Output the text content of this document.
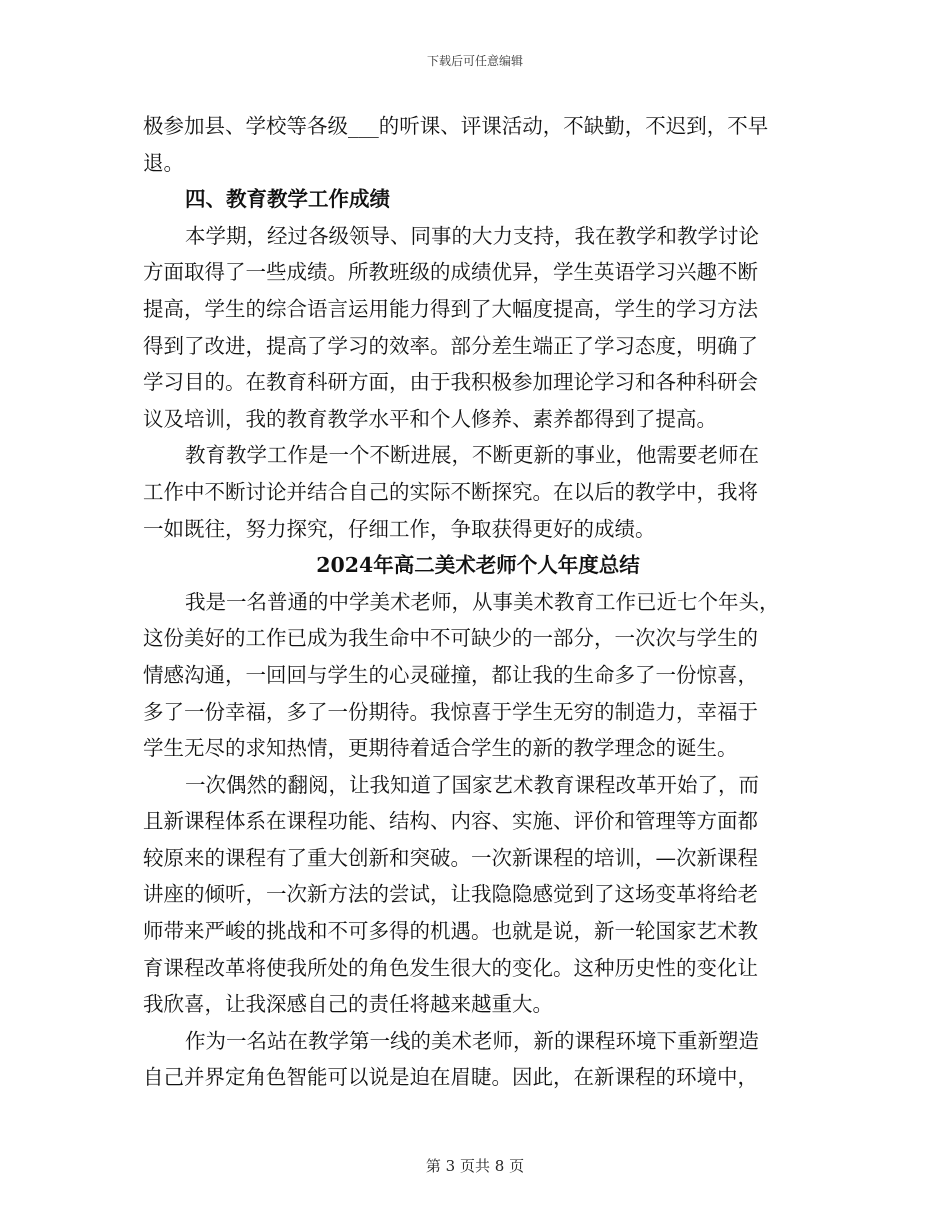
下载后可任意编辑
极参加县、学校等各级___的听课、评课活动，不缺勤，不迟到，不早
退。
四、教育教学工作成绩
本学期，经过各级领导、同事的大力支持，我在教学和教学讨论
方面取得了一些成绩。所教班级的成绩优异，学生英语学习兴趣不断
提高，学生的综合语言运用能力得到了大幅度提高，学生的学习方法
得到了改进，提高了学习的效率。部分差生端正了学习态度，明确了
学习目的。在教育科研方面，由于我积极参加理论学习和各种科研会
议及培训，我的教育教学水平和个人修养、素养都得到了提高。
教育教学工作是一个不断进展，不断更新的事业，他需要老师在
工作中不断讨论并结合自己的实际不断探究。在以后的教学中，我将
一如既往，努力探究，仔细工作，争取获得更好的成绩。
2024年高二美术老师个人年度总结
我是一名普通的中学美术老师，从事美术教育工作已近七个年头，
这份美好的工作已成为我生命中不可缺少的一部分，一次次与学生的
情感沟通，一回回与学生的心灵碰撞，都让我的生命多了一份惊喜，
多了一份幸福，多了一份期待。我惊喜于学生无穷的制造力，幸福于
学生无尽的求知热情，更期待着适合学生的新的教学理念的诞生。
一次偶然的翻阅，让我知道了国家艺术教育课程改革开始了，而
且新课程体系在课程功能、结构、内容、实施、评价和管理等方面都
较原来的课程有了重大创新和突破。一次新课程的培训，—次新课程
讲座的倾听，一次新方法的尝试，让我隐隐感觉到了这场变革将给老
师带来严峻的挑战和不可多得的机遇。也就是说，新一轮国家艺术教
育课程改革将使我所处的角色发生很大的变化。这种历史性的变化让
我欣喜，让我深感自己的责任将越来越重大。
作为一名站在教学第一线的美术老师，新的课程环境下重新塑造
自己并界定角色智能可以说是迫在眉睫。因此，在新课程的环境中，
第 3 页共 8 页
